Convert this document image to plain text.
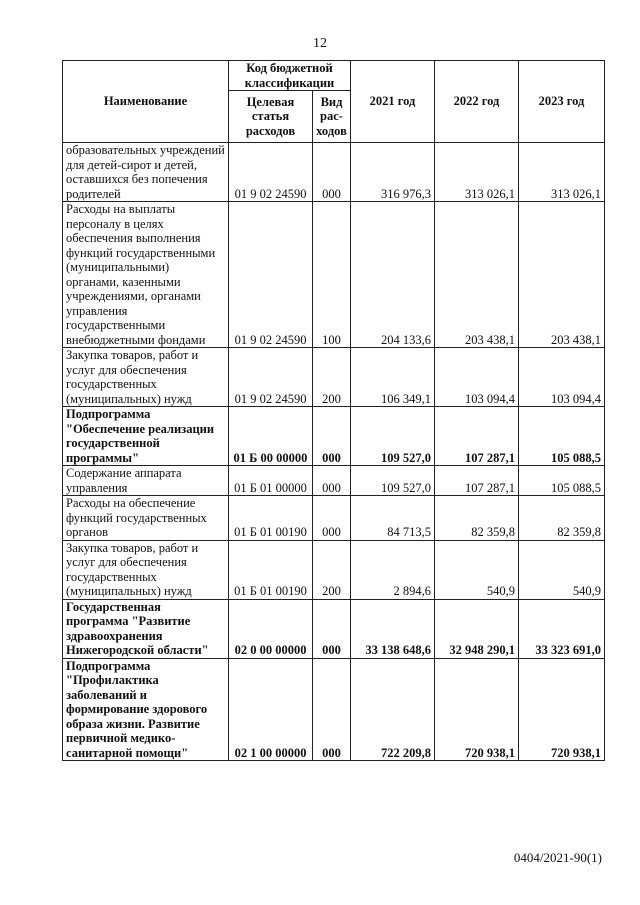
12
Наименование	Код бюджетной классификации		2021 год	2022 год	2023 год
	Целевая статья расходов	Вид рас-ходов			
образовательных учреждений для детей-сирот и детей, оставшихся без попечения родителей	01 9 02 24590	000	316 976,3	313 026,1	313 026,1
Расходы на выплаты персоналу в целях обеспечения выполнения функций государственными (муниципальными) органами, казенными учреждениями, органами управления государственными внебюджетными фондами	01 9 02 24590	100	204 133,6	203 438,1	203 438,1
Закупка товаров, работ и услуг для обеспечения государственных (муниципальных) нужд	01 9 02 24590	200	106 349,1	103 094,4	103 094,4
Подпрограмма "Обеспечение реализации государственной программы"	01 Б 00 00000	000	109 527,0	107 287,1	105 088,5
Содержание аппарата управления	01 Б 01 00000	000	109 527,0	107 287,1	105 088,5
Расходы на обеспечение функций государственных органов	01 Б 01 00190	000	84 713,5	82 359,8	82 359,8
Закупка товаров, работ и услуг для обеспечения государственных (муниципальных) нужд	01 Б 01 00190	200	2 894,6	540,9	540,9
Государственная программа "Развитие здравоохранения Нижегородской области"	02 0 00 00000	000	33 138 648,6	32 948 290,1	33 323 691,0
Подпрограмма "Профилактика заболеваний и формирование здорового образа жизни. Развитие первичной медико-санитарной помощи"	02 1 00 00000	000	722 209,8	720 938,1	720 938,1
0404/2021-90(1)
